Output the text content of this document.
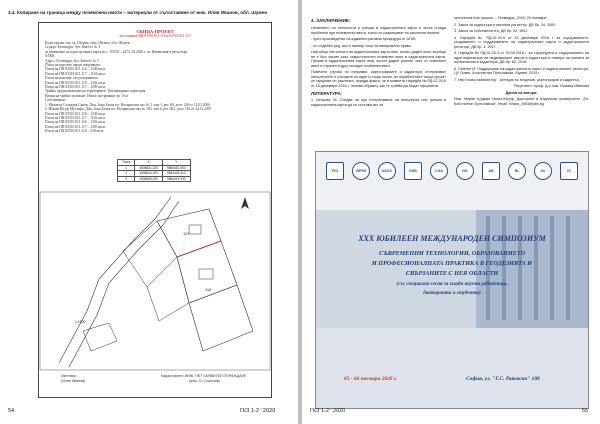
3.4. Копиране на граница между поземлени имоти – материали от съпоставяне от инж. Илия Иванов, обл. Шумен
СКИЦА-ПРОЕКТ
за поправка ПИ 83510.811.116 и 83510.811.117
Кадастрален тод: гр. Шумен, общ. Шумен, обл. Шумен
Сграда: Булеварда, бул. Кметът № 3
за изменение на кадастралната карта на с. 83510 – 4474, 20.2020 г. по Изменения в регистъра
АГКК
Адрес: Булеварда, бул. Кметът № 5
Площ на имотите преди поправката
Площ на ПИ 83510.811.116 – 1349 кв.м.
Площ на ПИ 83510.811.117 – 1162 кв.м.
Площ на имотите след поправката
Площ на ПИ 83510.811.116 – 1302 кв.м.
Площ на ПИ 83510.811.117 – 1209 кв.м.
Трайно предназначение на територията: Урбанизирана територия
Начин на трайно ползване: Ниско застрояване до 10 м
Собственици:
1. Михаела Стоилова Савов, Дом, Зона Блока по: Нотариален акт № 5, том 1, рег. 69, дело 128 от 12.03.2006
2. Ибрям Юсуф Мустафа, Дом, Зона Блока по: Нотариален акт № 183, том 4, рег. 602, дело 516 от 24.12.2007
Площ на ПИ 83510.811.116 – 1349 кв.м.
Площ на ПИ 83510.811.117 – 1162 кв.м.
Площ на ПИ 83510.811.116 – 1302 кв.м.
Площ на ПИ 83510.811.117 – 1209 кв.м.
Площ на ПИ 83510.811.116 – 530 кв.м.
Точка	X	Y
1	4508631.220	9584452.050
2	4508640.200	9584428.410
3	4508655.030	9584414.930
117
116
1:1000
Изготвил:
(Илия Иванов)
Кадастрален: ИНЖ. ПЕТ ЗАЯВИТЕЛ ПОРАЖДАНЕ
(инж. Ст. Соколов)
54	ГКЗ 1-2 ' 2020
4. ЗАКЛЮЧЕНИЕ:

Наличието на непълноти и грешки в кадастралната карта в честа сграда проблеми при поземлени имоти, които се разрешават по различни начини:

- чрез производство на административна процедура от АГКК;

- по съдебен ред, ако е налице спор за материално право.

Най-общо непълноти на кадастралната карта има, когато даден имот въобще не е бил заснет като самостоятелен поземлен имот в кадастралната карта. Грешка в кадастралната карта има, когато даден реален част от поземлен имот е отразен в друг съседен поземлен имот.

Повечето случаи по поправки, картографиите и кадастъра отстраняват непълнотите и грешките по един и същи начин, но изработените скици-проект се оформят по различен, поради факта, че в момента Наредба № РД-02-20-5 от 15 декември 2016 г. липсва образец, как те трябва да бъдат оформени.

ЛИТЕРАТУРА:

1. Бечкова, М. Следва ли при отстраняване на непълнота или грешка в кадастралната карта да се състави акт за

непълнота или грешка, – Геомедия, 2015, 20 ноември.

2. Закон за кадастъра и имотния регистър, ДВ бр. 34, 2000

3. Закон за собствеността, ДВ бр. 92, 1951

4. Наредба № РД-02-20-5 от 15 декември 2016 г. за съдържанието, създаването и поддържането на кадастралната карта и кадастралните регистри, ДВ бр. 4, 2017

5. Наредба № РД-02-20-3 от 29.09.2016 г. за структурата и съдържанието на идентификатора на недвижимите имоти в кадастъра и номера на книгата за ограничения в кадастъра, ДВ бр. 80, 2016

6. Пейчев И. Поддържане на кадастралните карти и кадастралните регистри, ЦУ Ловеч, Константин Преславски, Шумен, 2019 г

7. http://www.cadastre.bg/ - Агенция по геодезия, картография и кадастър.

Рецензент: проф. д-р инж. Илиана Иванова

Данни на автора:

Инж. Мерве Ерджан Нихат-Юсуф, Докторант в Шуменски университет „Ен. Константин Преславски“, email: nihars_1983@abv.bg

FIG	ISPRS	UAGC	GSB	CGA	NG	AB	BL	SU	IG
XXX ЮБИЛЕЕН МЕЖДУНАРОДЕН СИМПОЗИУМ
СЪВРЕМЕННИ ТЕХНОЛОГИИ, ОБРАЗОВАНИЕТО
И ПРОФЕСИОНАЛНАТА ПРАКТИКА В ГЕОДЕЗИЯТА И
СВЪРЗАНИТЕ С НЕЯ ОБЛАСТИ
(със специална сесия за млади научни работници,
докторанти и студенти)
05 - 06 ноември 2020 г.	София, ул. "Г.С. Раковски" 108
ГКЗ 1-2 ' 2020	55
